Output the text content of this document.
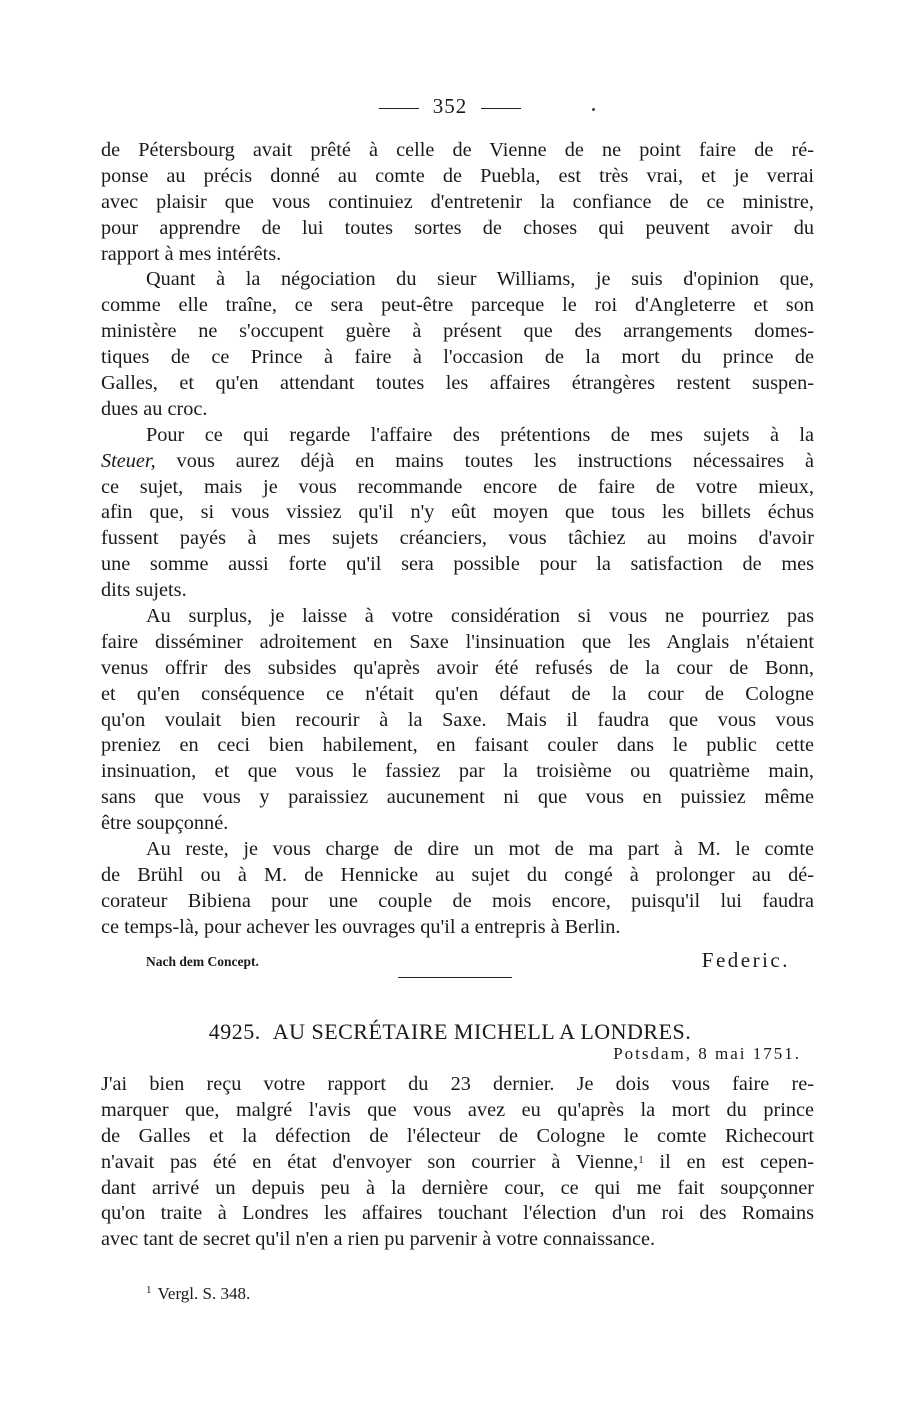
352
de Pétersbourg avait prêté à celle de Vienne de ne point faire de ré-
ponse au précis donné au comte de Puebla, est très vrai, et je verrai
avec plaisir que vous continuiez d'entretenir la confiance de ce ministre,
pour apprendre de lui toutes sortes de choses qui peuvent avoir du
rapport à mes intérêts.
Quant à la négociation du sieur Williams, je suis d'opinion que,
comme elle traîne, ce sera peut-être parceque le roi d'Angleterre et son
ministère ne s'occupent guère à présent que des arrangements domes-
tiques de ce Prince à faire à l'occasion de la mort du prince de
Galles, et qu'en attendant toutes les affaires étrangères restent suspen-
dues au croc.
Pour ce qui regarde l'affaire des prétentions de mes sujets à la
Steuer, vous aurez déjà en mains toutes les instructions nécessaires à
ce sujet, mais je vous recommande encore de faire de votre mieux,
afin que, si vous vissiez qu'il n'y eût moyen que tous les billets échus
fussent payés à mes sujets créanciers, vous tâchiez au moins d'avoir
une somme aussi forte qu'il sera possible pour la satisfaction de mes
dits sujets.
Au surplus, je laisse à votre considération si vous ne pourriez pas
faire disséminer adroitement en Saxe l'insinuation que les Anglais n'étaient
venus offrir des subsides qu'après avoir été refusés de la cour de Bonn,
et qu'en conséquence ce n'était qu'en défaut de la cour de Cologne
qu'on voulait bien recourir à la Saxe. Mais il faudra que vous vous
preniez en ceci bien habilement, en faisant couler dans le public cette
insinuation, et que vous le fassiez par la troisième ou quatrième main,
sans que vous y paraissiez aucunement ni que vous en puissiez même
être soupçonné.
Au reste, je vous charge de dire un mot de ma part à M. le comte
de Brühl ou à M. de Hennicke au sujet du congé à prolonger au dé-
corateur Bibiena pour une couple de mois encore, puisqu'il lui faudra
ce temps-là, pour achever les ouvrages qu'il a entrepris à Berlin.
Nach dem Concept.	Federic.
4925. AU SECRÉTAIRE MICHELL A LONDRES.
Potsdam, 8 mai 1751.
J'ai bien reçu votre rapport du 23 dernier. Je dois vous faire re-
marquer que, malgré l'avis que vous avez eu qu'après la mort du prince
de Galles et la défection de l'électeur de Cologne le comte Richecourt
n'avait pas été en état d'envoyer son courrier à Vienne,$^1$ il en est cepen-
dant arrivé un depuis peu à la dernière cour, ce qui me fait soupçonner
qu'on traite à Londres les affaires touchant l'élection d'un roi des Romains
avec tant de secret qu'il n'en a rien pu parvenir à votre connaissance.
$^1$ Vergl. S. 348.
